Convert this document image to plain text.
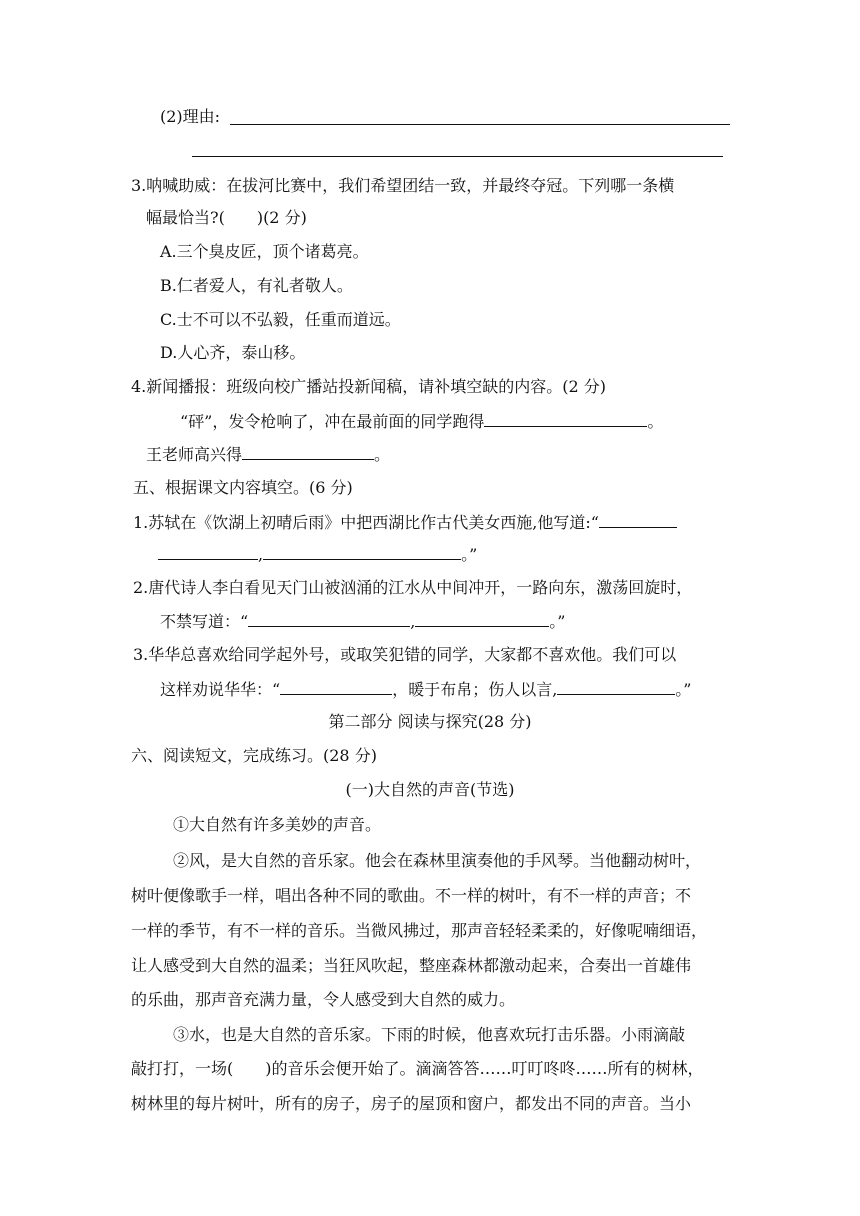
(2)理由:
3.呐喊助威：在拔河比赛中，我们希望团结一致，并最终夺冠。下列哪一条横
幅最恰当?(　　)(2 分)
A.三个臭皮匠，顶个诸葛亮。
B.仁者爱人，有礼者敬人。
C.士不可以不弘毅，任重而道远。
D.人心齐，泰山移。
4.新闻播报：班级向校广播站投新闻稿，请补填空缺的内容。(2 分)
“砰”，发令枪响了，冲在最前面的同学跑得	。
王老师高兴得	。
五、根据课文内容填空。(6 分)
1.苏轼在《饮湖上初晴后雨》中把西湖比作古代美女西施,他写道:“
,	。”
2.唐代诗人李白看见天门山被汹涌的江水从中间冲开，一路向东，激荡回旋时，
不禁写道：“	,	。”
3.华华总喜欢给同学起外号，或取笑犯错的同学，大家都不喜欢他。我们可以
这样劝说华华：“	，暖于布帛；伤人以言,	。”
第二部分 阅读与探究(28 分)
六、阅读短文，完成练习。(28 分)
(一)大自然的声音(节选)
①大自然有许多美妙的声音。
②风，是大自然的音乐家。他会在森林里演奏他的手风琴。当他翻动树叶，
树叶便像歌手一样，唱出各种不同的歌曲。不一样的树叶，有不一样的声音；不
一样的季节，有不一样的音乐。当微风拂过，那声音轻轻柔柔的，好像呢喃细语，
让人感受到大自然的温柔；当狂风吹起，整座森林都激动起来，合奏出一首雄伟
的乐曲，那声音充满力量，令人感受到大自然的威力。
③水，也是大自然的音乐家。下雨的时候，他喜欢玩打击乐器。小雨滴敲
敲打打，一场(　　)的音乐会便开始了。滴滴答答……叮叮咚咚……所有的树林，
树林里的每片树叶，所有的房子，房子的屋顶和窗户，都发出不同的声音。当小
